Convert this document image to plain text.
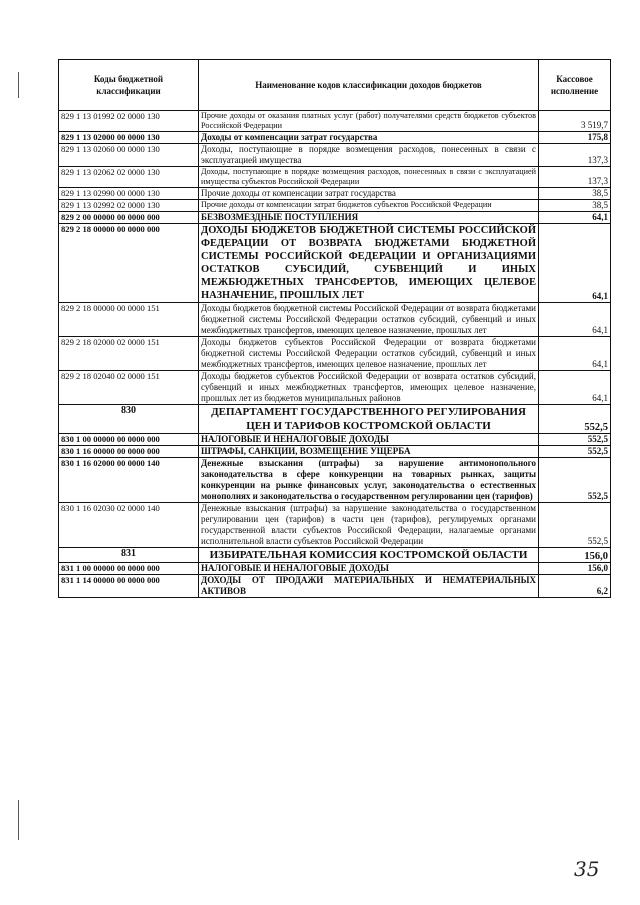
Коды бюджетной классификации	Наименование кодов классификации доходов бюджетов	Кассовое исполнение
829 1 13 01992 02 0000 130	Прочие доходы от оказания платных услуг (работ) получателями средств бюджетов субъектов Российской Федерации	3 519,7
829 1 13 02000 00 0000 130	Доходы от компенсации затрат государства	175,8
829 1 13 02060 00 0000 130	Доходы, поступающие в порядке возмещения расходов, понесенных в связи с эксплуатацией имущества	137,3
829 1 13 02062 02 0000 130	Доходы, поступающие в порядке возмещения расходов, понесенных в связи с эксплуатацией имущества субъектов Российской Федерации	137,3
829 1 13 02990 00 0000 130	Прочие доходы от компенсации затрат государства	38,5
829 1 13 02992 02 0000 130	Прочие доходы от компенсации затрат бюджетов субъектов Российской Федерации	38,5
829 2 00 00000 00 0000 000	БЕЗВОЗМЕЗДНЫЕ ПОСТУПЛЕНИЯ	64,1
829 2 18 00000 00 0000 000	ДОХОДЫ БЮДЖЕТОВ БЮДЖЕТНОЙ СИСТЕМЫ РОССИЙСКОЙ ФЕДЕРАЦИИ ОТ ВОЗВРАТА БЮДЖЕТАМИ БЮДЖЕТНОЙ СИСТЕМЫ РОССИЙСКОЙ ФЕДЕРАЦИИ И ОРГАНИЗАЦИЯМИ ОСТАТКОВ СУБСИДИЙ, СУБВЕНЦИЙ И ИНЫХ МЕЖБЮДЖЕТНЫХ ТРАНСФЕРТОВ, ИМЕЮЩИХ ЦЕЛЕВОЕ НАЗНАЧЕНИЕ, ПРОШЛЫХ ЛЕТ	64,1
829 2 18 00000 00 0000 151	Доходы бюджетов бюджетной системы Российской Федерации от возврата бюджетами бюджетной системы Российской Федерации остатков субсидий, субвенций и иных межбюджетных трансфертов, имеющих целевое назначение, прошлых лет	64,1
829 2 18 02000 02 0000 151	Доходы бюджетов субъектов Российской Федерации от возврата бюджетами бюджетной системы Российской Федерации остатков субсидий, субвенций и иных межбюджетных трансфертов, имеющих целевое назначение, прошлых лет	64,1
829 2 18 02040 02 0000 151	Доходы бюджетов субъектов Российской Федерации от возврата остатков субсидий, субвенций и иных межбюджетных трансфертов, имеющих целевое назначение, прошлых лет из бюджетов муниципальных районов	64,1
830	ДЕПАРТАМЕНТ ГОСУДАРСТВЕННОГО РЕГУЛИРОВАНИЯ ЦЕН И ТАРИФОВ КОСТРОМСКОЙ ОБЛАСТИ	552,5
830 1 00 00000 00 0000 000	НАЛОГОВЫЕ И НЕНАЛОГОВЫЕ ДОХОДЫ	552,5
830 1 16 00000 00 0000 000	ШТРАФЫ, САНКЦИИ, ВОЗМЕЩЕНИЕ УЩЕРБА	552,5
830 1 16 02000 00 0000 140	Денежные взыскания (штрафы) за нарушение антимонопольного законодательства в сфере конкуренции на товарных рынках, защиты конкуренции на рынке финансовых услуг, законодательства о естественных монополиях и законодательства о государственном регулировании цен (тарифов)	552,5
830 1 16 02030 02 0000 140	Денежные взыскания (штрафы) за нарушение законодательства о государственном регулировании цен (тарифов) в части цен (тарифов), регулируемых органами государственной власти субъектов Российской Федерации, налагаемые органами исполнительной власти субъектов Российской Федерации	552,5
831	ИЗБИРАТЕЛЬНАЯ КОМИССИЯ КОСТРОМСКОЙ ОБЛАСТИ	156,0
831 1 00 00000 00 0000 000	НАЛОГОВЫЕ И НЕНАЛОГОВЫЕ ДОХОДЫ	156,0
831 1 14 00000 00 0000 000	ДОХОДЫ ОТ ПРОДАЖИ МАТЕРИАЛЬНЫХ И НЕМАТЕРИАЛЬНЫХ АКТИВОВ	6,2
35
